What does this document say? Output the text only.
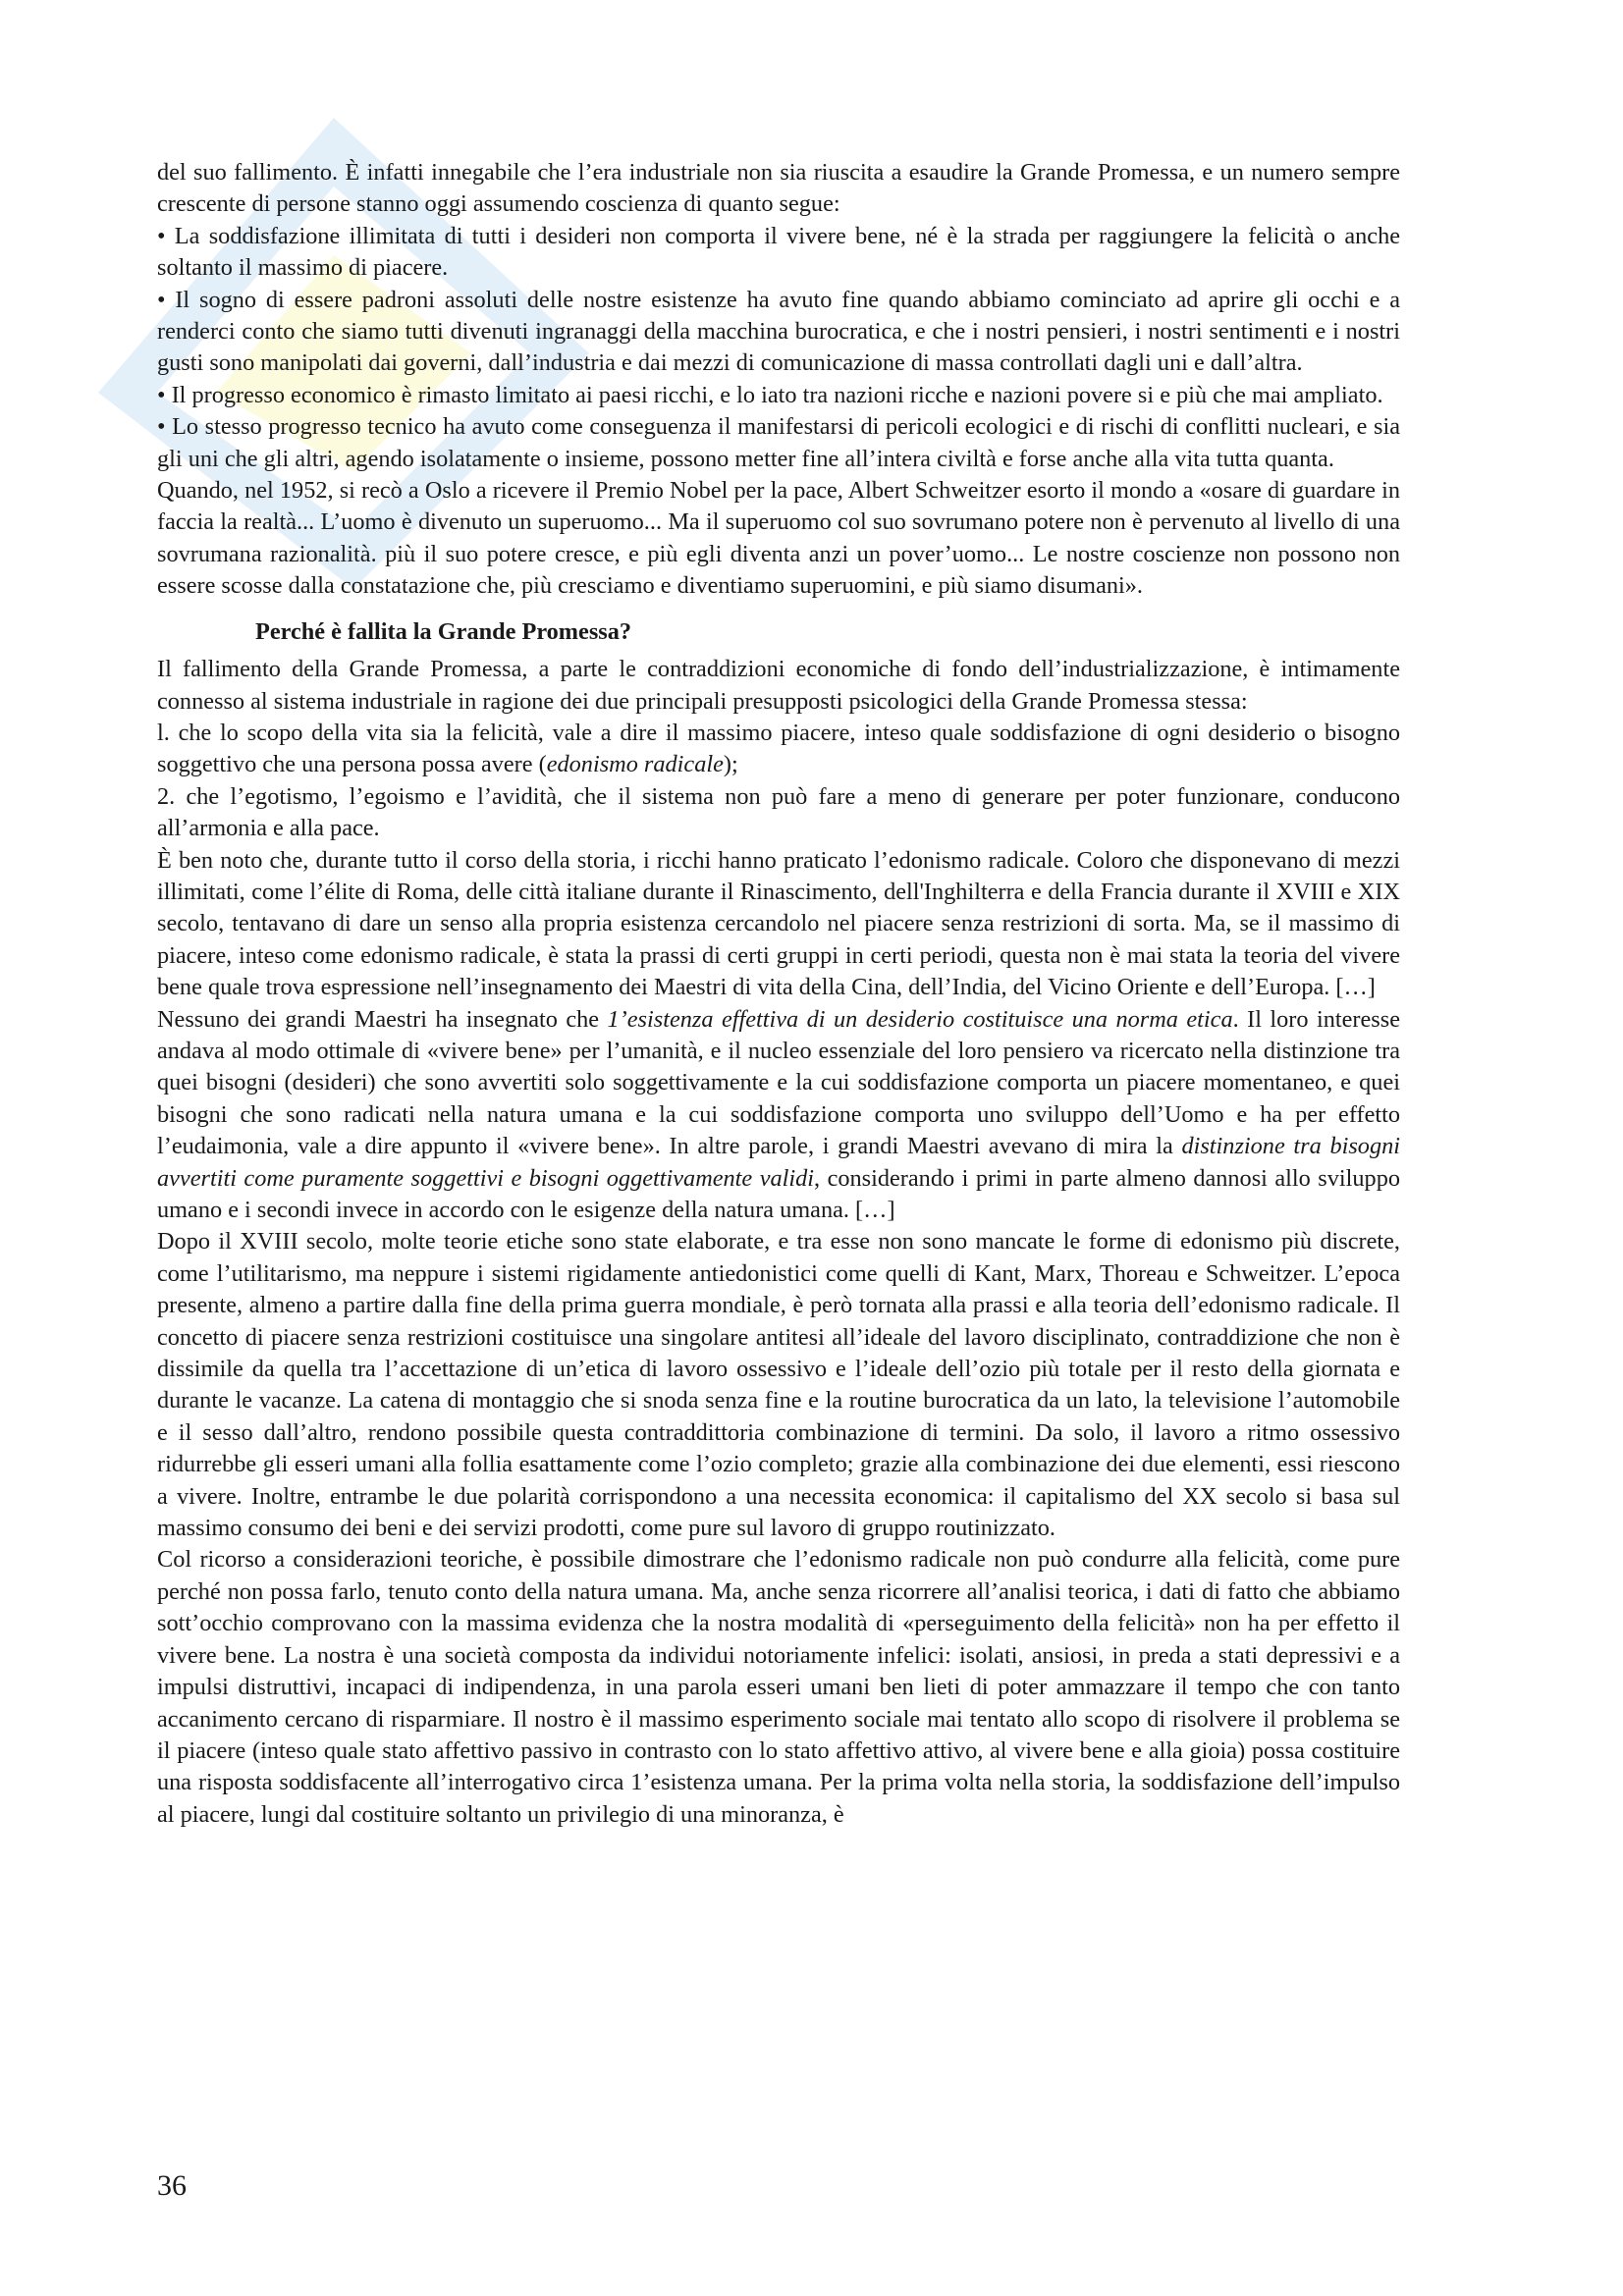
del suo fallimento. È infatti innegabile che l’era industriale non sia riuscita a esaudire la Grande Promessa, e un numero sempre crescente di persone stanno oggi assumendo coscienza di quanto segue:

• La soddisfazione illimitata di tutti i desideri non comporta il vivere bene, né è la strada per raggiungere la felicità o anche soltanto il massimo di piacere.

• Il sogno di essere padroni assoluti delle nostre esistenze ha avuto fine quando abbiamo cominciato ad aprire gli occhi e a renderci conto che siamo tutti divenuti ingranaggi della macchina burocratica, e che i nostri pensieri, i nostri sentimenti e i nostri gusti sono manipolati dai governi, dall’industria e dai mezzi di comunicazione di massa controllati dagli uni e dall’altra.

• Il progresso economico è rimasto limitato ai paesi ricchi, e lo iato tra nazioni ricche e nazioni povere si e più che mai ampliato.

• Lo stesso progresso tecnico ha avuto come conseguenza il manifestarsi di pericoli ecologici e di rischi di conflitti nucleari, e sia gli uni che gli altri, agendo isolatamente o insieme, possono metter fine all’intera civiltà e forse anche alla vita tutta quanta.

Quando, nel 1952, si recò a Oslo a ricevere il Premio Nobel per la pace, Albert Schweitzer esorto il mondo a «osare di guardare in faccia la realtà... L’uomo è divenuto un superuomo... Ma il superuomo col suo sovrumano potere non è pervenuto al livello di una sovrumana razionalità. più il suo potere cresce, e più egli diventa anzi un pover’uomo... Le nostre coscienze non possono non essere scosse dalla constatazione che, più cresciamo e diventiamo superuomini, e più siamo disumani».

Perché è fallita la Grande Promessa?

Il fallimento della Grande Promessa, a parte le contraddizioni economiche di fondo dell’industrializzazione, è intimamente connesso al sistema industriale in ragione dei due principali presupposti psicologici della Grande Promessa stessa:

l. che lo scopo della vita sia la felicità, vale a dire il massimo piacere, inteso quale soddisfazione di ogni desiderio o bisogno soggettivo che una persona possa avere (edonismo radicale);

2. che l’egotismo, l’egoismo e l’avidità, che il sistema non può fare a meno di generare per poter funzionare, conducono all’armonia e alla pace.

È ben noto che, durante tutto il corso della storia, i ricchi hanno praticato l’edonismo radicale. Coloro che disponevano di mezzi illimitati, come l’élite di Roma, delle città italiane durante il Rinascimento, dell'Inghilterra e della Francia durante il XVIII e XIX secolo, tentavano di dare un senso alla propria esistenza cercandolo nel piacere senza restrizioni di sorta. Ma, se il massimo di piacere, inteso come edonismo radicale, è stata la prassi di certi gruppi in certi periodi, questa non è mai stata la teoria del vivere bene quale trova espressione nell’insegnamento dei Maestri di vita della Cina, dell’India, del Vicino Oriente e dell’Europa. […]

Nessuno dei grandi Maestri ha insegnato che 1’esistenza effettiva di un desiderio costituisce una norma etica. Il loro interesse andava al modo ottimale di «vivere bene» per l’umanità, e il nucleo essenziale del loro pensiero va ricercato nella distinzione tra quei bisogni (desideri) che sono avvertiti solo soggettivamente e la cui soddisfazione comporta un piacere momentaneo, e quei bisogni che sono radicati nella natura umana e la cui soddisfazione comporta uno sviluppo dell’Uomo e ha per effetto l’eudaimonia, vale a dire appunto il «vivere bene». In altre parole, i grandi Maestri avevano di mira la distinzione tra bisogni avvertiti come puramente soggettivi e bisogni oggettivamente validi, considerando i primi in parte almeno dannosi allo sviluppo umano e i secondi invece in accordo con le esigenze della natura umana. […]

Dopo il XVIII secolo, molte teorie etiche sono state elaborate, e tra esse non sono mancate le forme di edonismo più discrete, come l’utilitarismo, ma neppure i sistemi rigidamente antiedonistici come quelli di Kant, Marx, Thoreau e Schweitzer. L’epoca presente, almeno a partire dalla fine della prima guerra mondiale, è però tornata alla prassi e alla teoria dell’edonismo radicale. Il concetto di piacere senza restrizioni costituisce una singolare antitesi all’ideale del lavoro disciplinato, contraddizione che non è dissimile da quella tra l’accettazione di un’etica di lavoro ossessivo e l’ideale dell’ozio più totale per il resto della giornata e durante le vacanze. La catena di montaggio che si snoda senza fine e la routine burocratica da un lato, la televisione l’automobile e il sesso dall’altro, rendono possibile questa contraddittoria combinazione di termini. Da solo, il lavoro a ritmo ossessivo ridurrebbe gli esseri umani alla follia esattamente come l’ozio completo; grazie alla combinazione dei due elementi, essi riescono a vivere. Inoltre, entrambe le due polarità corrispondono a una necessita economica: il capitalismo del XX secolo si basa sul massimo consumo dei beni e dei servizi prodotti, come pure sul lavoro di gruppo routinizzato.

Col ricorso a considerazioni teoriche, è possibile dimostrare che l’edonismo radicale non può condurre alla felicità, come pure perché non possa farlo, tenuto conto della natura umana. Ma, anche senza ricorrere all’analisi teorica, i dati di fatto che abbiamo sott’occhio comprovano con la massima evidenza che la nostra modalità di «perseguimento della felicità» non ha per effetto il vivere bene. La nostra è una società composta da individui notoriamente infelici: isolati, ansiosi, in preda a stati depressivi e a impulsi distruttivi, incapaci di indipendenza, in una parola esseri umani ben lieti di poter ammazzare il tempo che con tanto accanimento cercano di risparmiare. Il nostro è il massimo esperimento sociale mai tentato allo scopo di risolvere il problema se il piacere (inteso quale stato affettivo passivo in contrasto con lo stato affettivo attivo, al vivere bene e alla gioia) possa costituire una risposta soddisfacente all’interrogativo circa 1’esistenza umana. Per la prima volta nella storia, la soddisfazione dell’impulso al piacere, lungi dal costituire soltanto un privilegio di una minoranza, è

36
